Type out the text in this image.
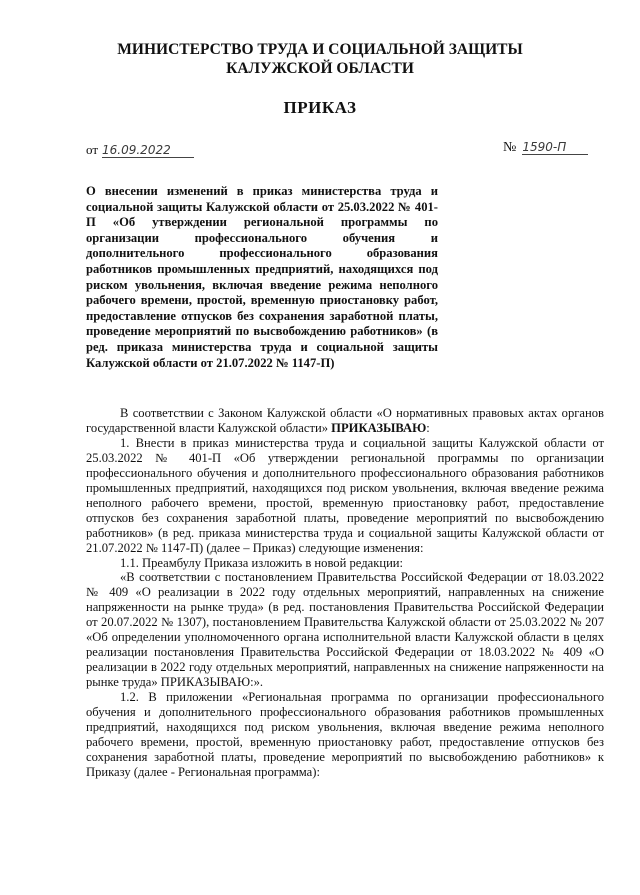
МИНИСТЕРСТВО ТРУДА И СОЦИАЛЬНОЙ ЗАЩИТЫ
КАЛУЖСКОЙ ОБЛАСТИ
ПРИКАЗ
от 16.09.2022	№ 1590-П

О внесении изменений в приказ министерства труда и социальной защиты Калужской области от 25.03.2022 № 401-П «Об утверждении региональной программы по организации профессионального обучения и дополнительного профессионального образования работников промышленных предприятий, находящихся под риском увольнения, включая введение режима неполного рабочего времени, простой, временную приостановку работ, предоставление отпусков без сохранения заработной платы, проведение мероприятий по высвобождению работников» (в ред. приказа министерства труда и социальной защиты Калужской области от 21.07.2022 № 1147-П)

В соответствии с Законом Калужской области «О нормативных правовых актах органов государственной власти Калужской области» ПРИКАЗЫВАЮ:

1. Внести в приказ министерства труда и социальной защиты Калужской области от 25.03.2022 № 401-П «Об утверждении региональной программы по организации профессионального обучения и дополнительного профессионального образования работников промышленных предприятий, находящихся под риском увольнения, включая введение режима неполного рабочего времени, простой, временную приостановку работ, предоставление отпусков без сохранения заработной платы, проведение мероприятий по высвобождению работников» (в ред. приказа министерства труда и социальной защиты Калужской области от 21.07.2022 № 1147-П) (далее – Приказ) следующие изменения:

1.1. Преамбулу Приказа изложить в новой редакции:

«В соответствии с постановлением Правительства Российской Федерации от 18.03.2022 № 409 «О реализации в 2022 году отдельных мероприятий, направленных на снижение напряженности на рынке труда» (в ред. постановления Правительства Российской Федерации от 20.07.2022 № 1307), постановлением Правительства Калужской области от 25.03.2022 № 207 «Об определении уполномоченного органа исполнительной власти Калужской области в целях реализации постановления Правительства Российской Федерации от 18.03.2022 № 409 «О реализации в 2022 году отдельных мероприятий, направленных на снижение напряженности на рынке труда» ПРИКАЗЫВАЮ:».

1.2. В приложении «Региональная программа по организации профессионального обучения и дополнительного профессионального образования работников промышленных предприятий, находящихся под риском увольнения, включая введение режима неполного рабочего времени, простой, временную приостановку работ, предоставление отпусков без сохранения заработной платы, проведение мероприятий по высвобождению работников» к Приказу (далее - Региональная программа):
